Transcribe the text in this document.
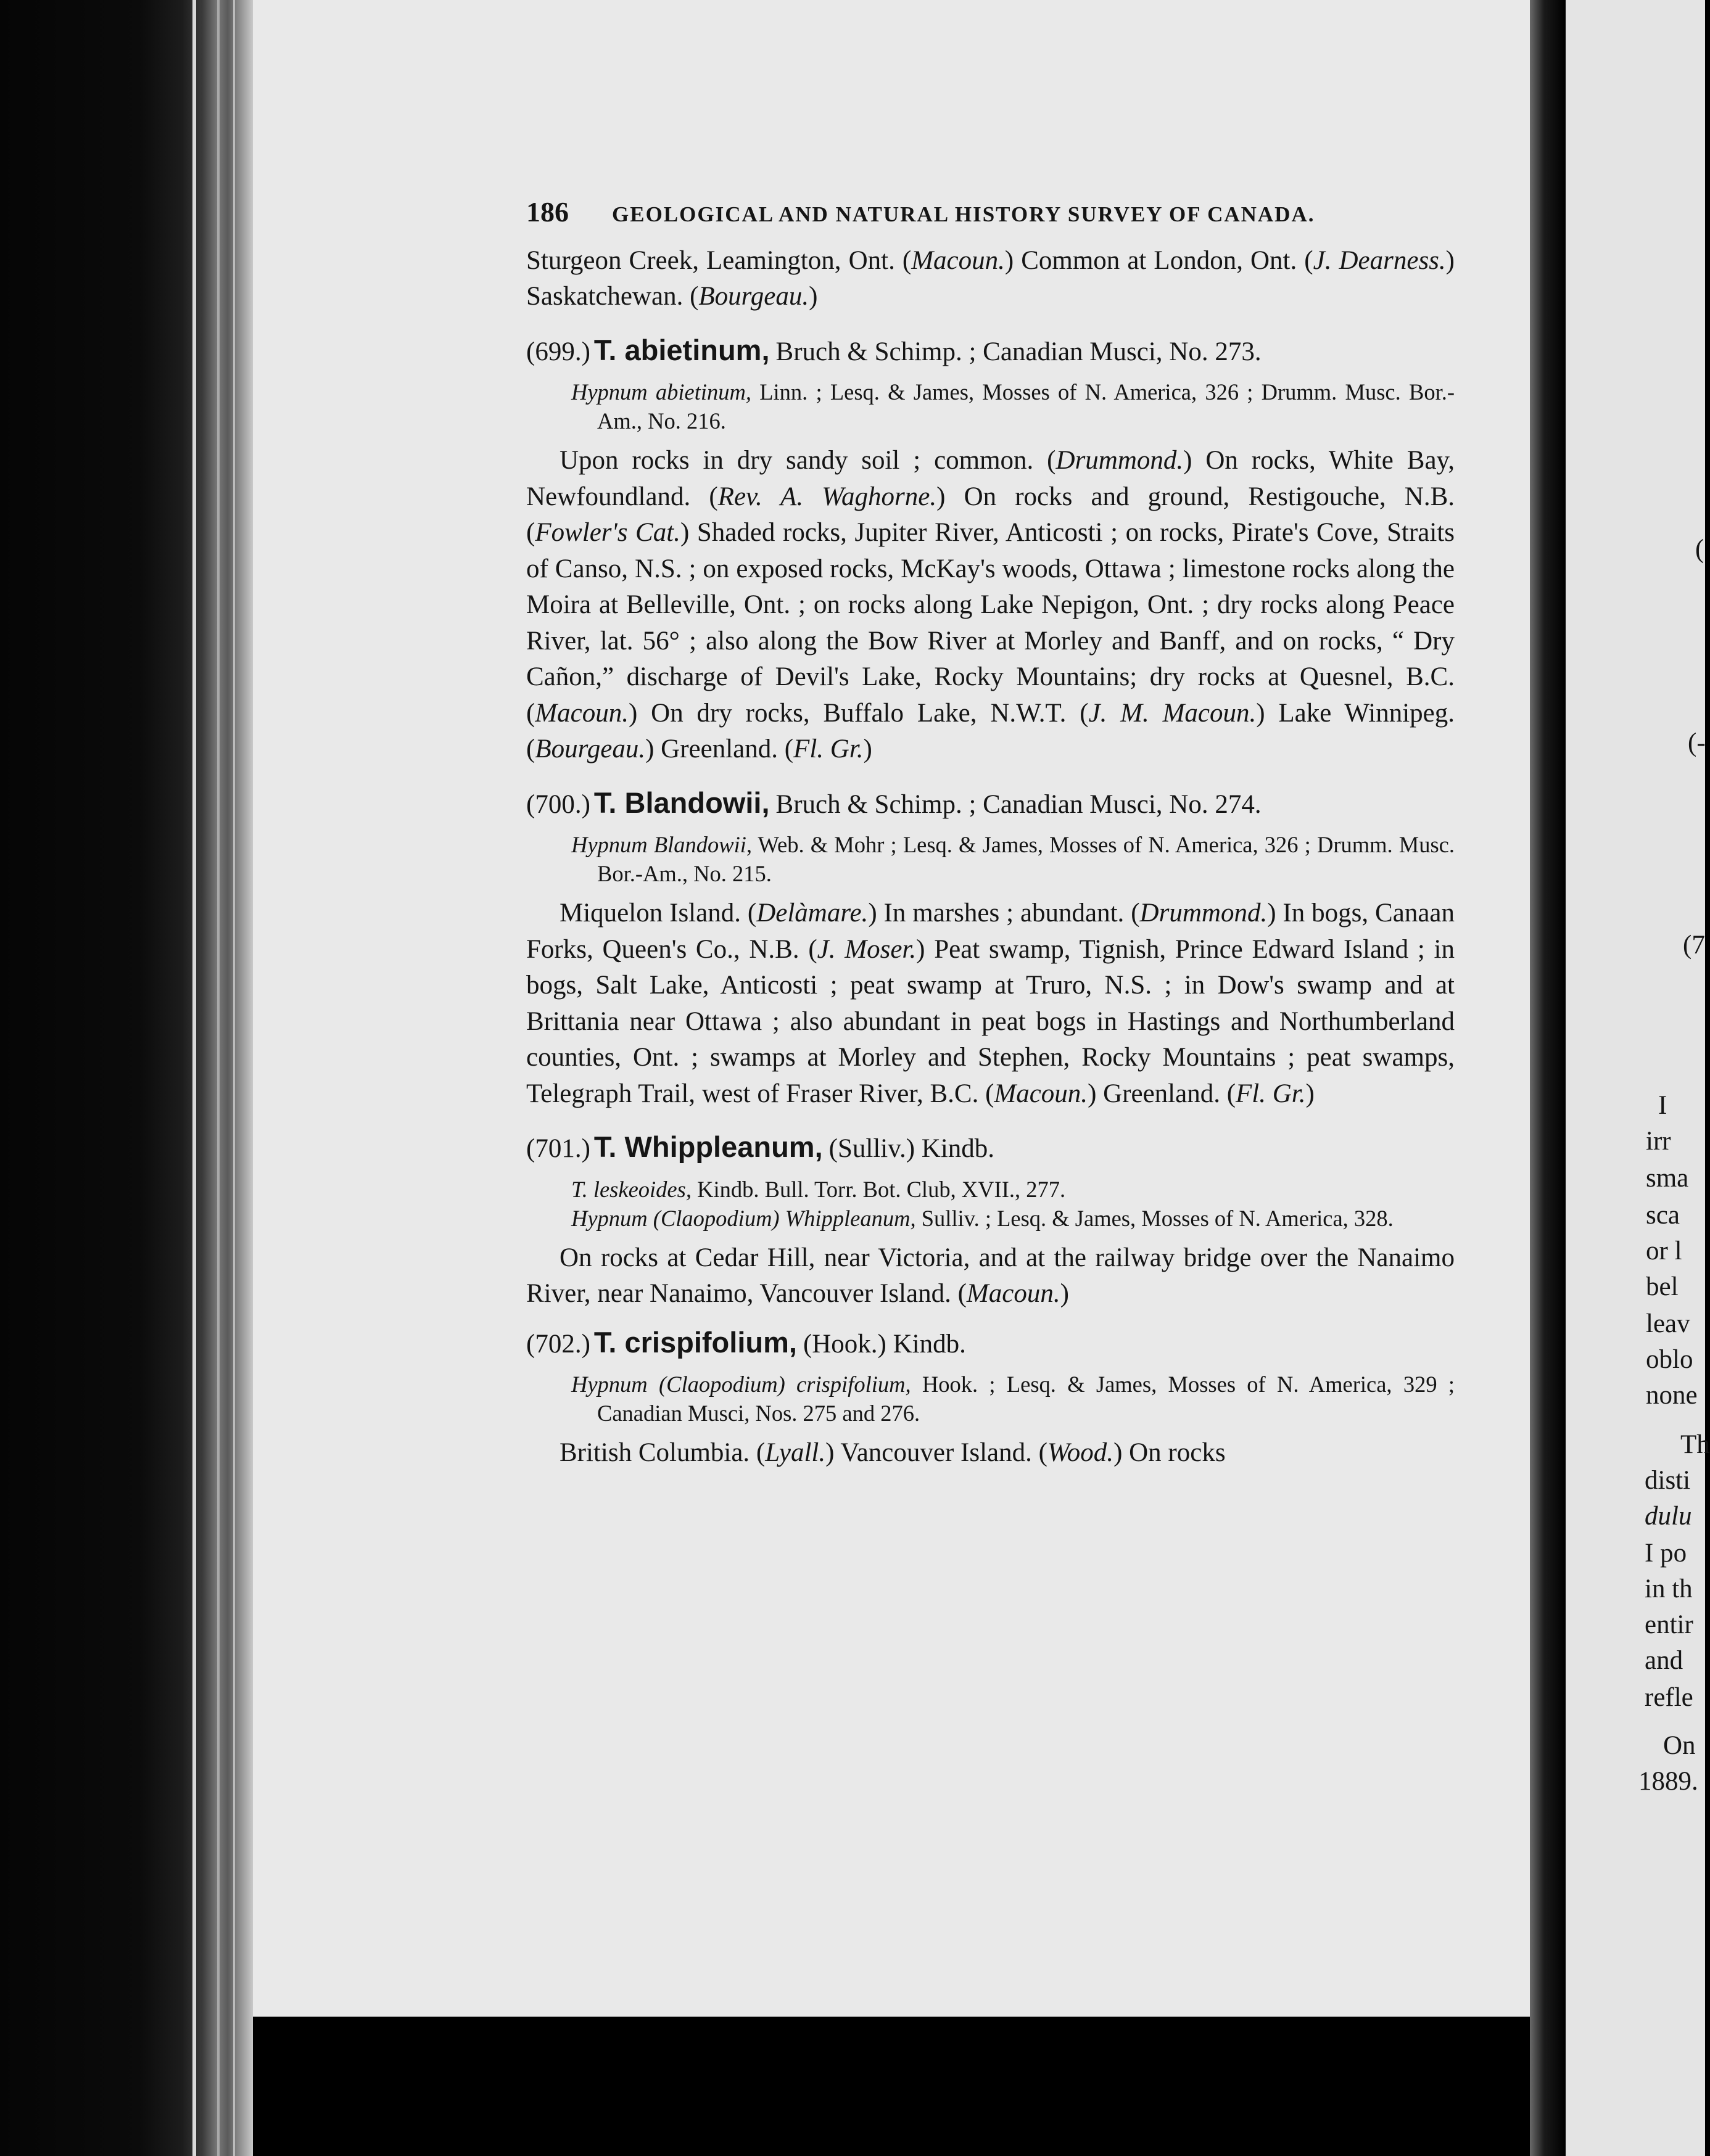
(
(-
(7
I
irr
sma
sca
or l
bel
leav
oblo
none
Th
disti
dulu
I po
in th
entir
and
refle
On
1889.
186 GEOLOGICAL AND NATURAL HISTORY SURVEY OF CANADA.

Sturgeon Creek, Leamington, Ont. (Macoun.) Common at London, Ont. (J. Dearness.) Saskatchewan. (Bourgeau.)

(699.) T. abietinum, Bruch & Schimp. ; Canadian Musci, No. 273.

Hypnum abietinum, Linn. ; Lesq. & James, Mosses of N. America, 326 ; Drumm. Musc. Bor.-Am., No. 216.

Upon rocks in dry sandy soil ; common. (Drummond.) On rocks, White Bay, Newfoundland. (Rev. A. Waghorne.) On rocks and ground, Restigouche, N.B. (Fowler's Cat.) Shaded rocks, Jupiter River, Anticosti ; on rocks, Pirate's Cove, Straits of Canso, N.S. ; on exposed rocks, McKay's woods, Ottawa ; limestone rocks along the Moira at Belleville, Ont. ; on rocks along Lake Nepigon, Ont. ; dry rocks along Peace River, lat. 56° ; also along the Bow River at Morley and Banff, and on rocks, “ Dry Cañon,” discharge of Devil's Lake, Rocky Mountains; dry rocks at Quesnel, B.C. (Macoun.) On dry rocks, Buffalo Lake, N.W.T. (J. M. Macoun.) Lake Winnipeg. (Bourgeau.) Greenland. (Fl. Gr.)

(700.) T. Blandowii, Bruch & Schimp. ; Canadian Musci, No. 274.

Hypnum Blandowii, Web. & Mohr ; Lesq. & James, Mosses of N. America, 326 ; Drumm. Musc. Bor.-Am., No. 215.

Miquelon Island. (Delàmare.) In marshes ; abundant. (Drummond.) In bogs, Canaan Forks, Queen's Co., N.B. (J. Moser.) Peat swamp, Tignish, Prince Edward Island ; in bogs, Salt Lake, Anticosti ; peat swamp at Truro, N.S. ; in Dow's swamp and at Brittania near Ottawa ; also abundant in peat bogs in Hastings and Northumberland counties, Ont. ; swamps at Morley and Stephen, Rocky Mountains ; peat swamps, Telegraph Trail, west of Fraser River, B.C. (Macoun.) Greenland. (Fl. Gr.)

(701.) T. Whippleanum, (Sulliv.) Kindb.

T. leskeoides, Kindb. Bull. Torr. Bot. Club, XVII., 277.

Hypnum (Claopodium) Whippleanum, Sulliv. ; Lesq. & James, Mosses of N. America, 328.

On rocks at Cedar Hill, near Victoria, and at the railway bridge over the Nanaimo River, near Nanaimo, Vancouver Island. (Macoun.)

(702.) T. crispifolium, (Hook.) Kindb.

Hypnum (Claopodium) crispifolium, Hook. ; Lesq. & James, Mosses of N. America, 329 ; Canadian Musci, Nos. 275 and 276.

British Columbia. (Lyall.) Vancouver Island. (Wood.) On rocks
